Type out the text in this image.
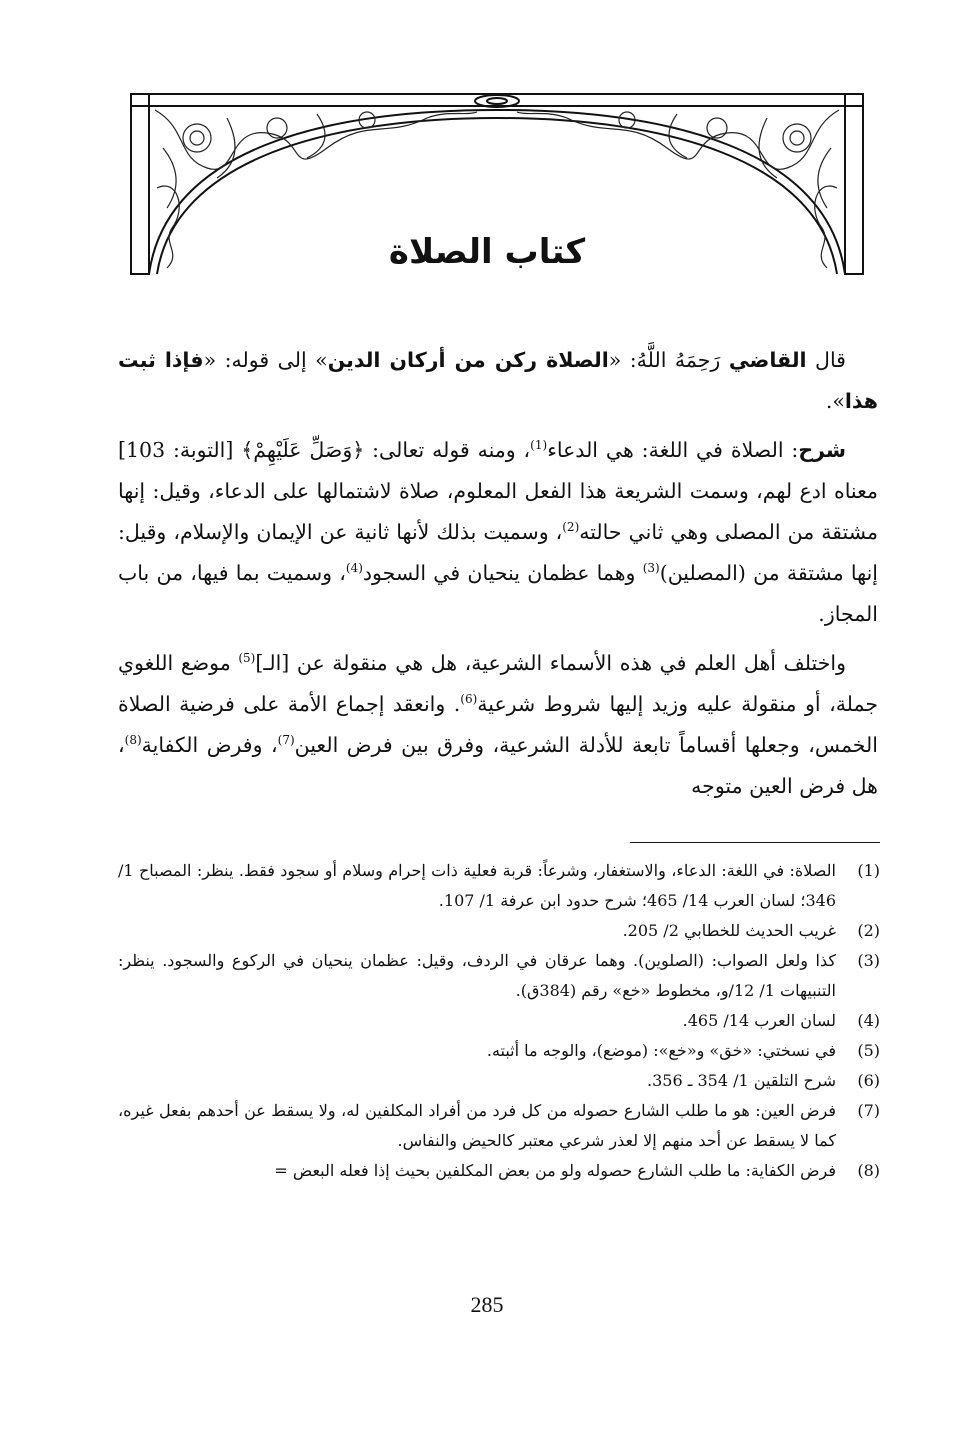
كتاب الصلاة

قال القاضي رَحِمَهُ اللَّهُ: «الصلاة ركن من أركان الدين» إلى قوله: «فإذا ثبت هذا».

شرح: الصلاة في اللغة: هي الدعاء$^{(1)}$، ومنه قوله تعالى: ﴿وَصَلِّ عَلَيْهِمْ﴾ [التوبة: 103] معناه ادع لهم، وسمت الشريعة هذا الفعل المعلوم، صلاة لاشتمالها على الدعاء، وقيل: إنها مشتقة من المصلى وهي ثاني حالته$^{(2)}$، وسميت بذلك لأنها ثانية عن الإيمان والإسلام، وقيل: إنها مشتقة من (المصلين)$^{(3)}$ وهما عظمان ينحيان في السجود$^{(4)}$، وسميت بما فيها، من باب المجاز.

واختلف أهل العلم في هذه الأسماء الشرعية، هل هي منقولة عن [الـ]$^{(5)}$ موضع اللغوي جملة، أو منقولة عليه وزيد إليها شروط شرعية$^{(6)}$. وانعقد إجماع الأمة على فرضية الصلاة الخمس، وجعلها أقساماً تابعة للأدلة الشرعية، وفرق بين فرض العين$^{(7)}$، وفرض الكفاية$^{(8)}$، هل فرض العين متوجه

(1)
الصلاة: في اللغة: الدعاء، والاستغفار، وشرعاً: قربة فعلية ذات إحرام وسلام أو سجود فقط. ينظر: المصباح 1/ 346؛ لسان العرب 14/ 465؛ شرح حدود ابن عرفة 1/ 107.
(2)
غريب الحديث للخطابي 2/ 205.
(3)
كذا ولعل الصواب: (الصلوين). وهما عرقان في الردف، وقيل: عظمان ينحيان في الركوع والسجود. ينظر: التنبيهات 1/ 12/و، مخطوط «خع» رقم (384ق).
(4)
لسان العرب 14/ 465.
(5)
في نسختي: «خق» و«خع»: (موضع)، والوجه ما أثبته.
(6)
شرح التلقين 1/ 354 ـ 356.
(7)
فرض العين: هو ما طلب الشارع حصوله من كل فرد من أفراد المكلفين له، ولا يسقط عن أحدهم بفعل غيره، كما لا يسقط عن أحد منهم إلا لعذر شرعي معتبر كالحيض والنفاس.
(8)
فرض الكفاية: ما طلب الشارع حصوله ولو من بعض المكلفين بحيث إذا فعله البعض =
285
